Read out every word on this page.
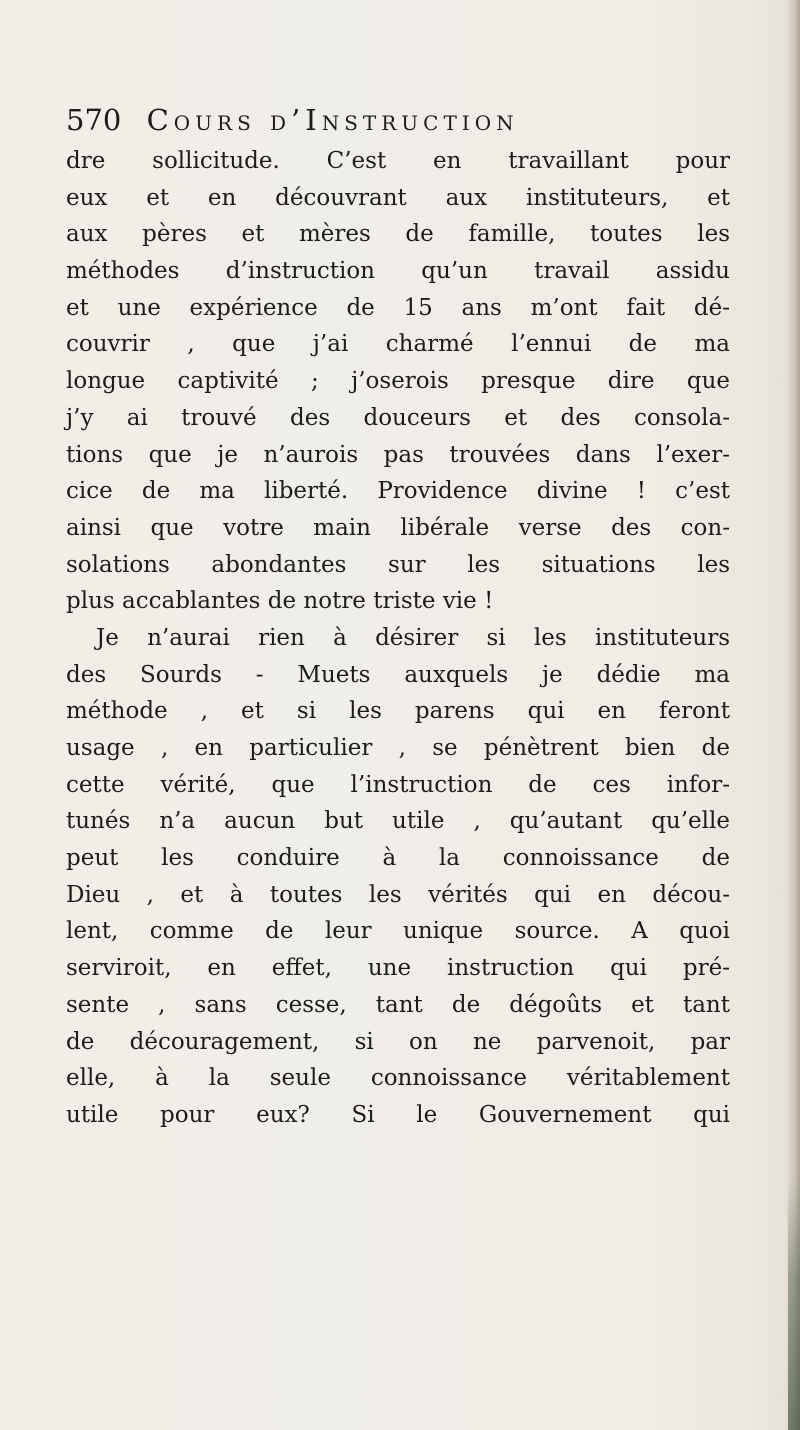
570 Cours d’Instruction
dre sollicitude. C’est en travaillant pour
eux et en découvrant aux instituteurs, et
aux pères et mères de famille, toutes les
méthodes d’instruction qu’un travail assidu
et une expérience de 15 ans m’ont fait dé-
couvrir , que j’ai charmé l’ennui de ma
longue captivité ; j’oserois presque dire que
j’y ai trouvé des douceurs et des consola-
tions que je n’aurois pas trouvées dans l’exer-
cice de ma liberté. Providence divine ! c’est
ainsi que votre main libérale verse des con-
solations abondantes sur les situations les
plus accablantes de notre triste vie !
Je n’aurai rien à désirer si les instituteurs
des Sourds - Muets auxquels je dédie ma
méthode , et si les parens qui en feront
usage , en particulier , se pénètrent bien de
cette vérité, que l’instruction de ces infor-
tunés n’a aucun but utile , qu’autant qu’elle
peut les conduire à la connoissance de
Dieu , et à toutes les vérités qui en décou-
lent, comme de leur unique source. A quoi
serviroit, en effet, une instruction qui pré-
sente , sans cesse, tant de dégoûts et tant
de découragement, si on ne parvenoit, par
elle, à la seule connoissance véritablement
utile pour eux? Si le Gouvernement qui
